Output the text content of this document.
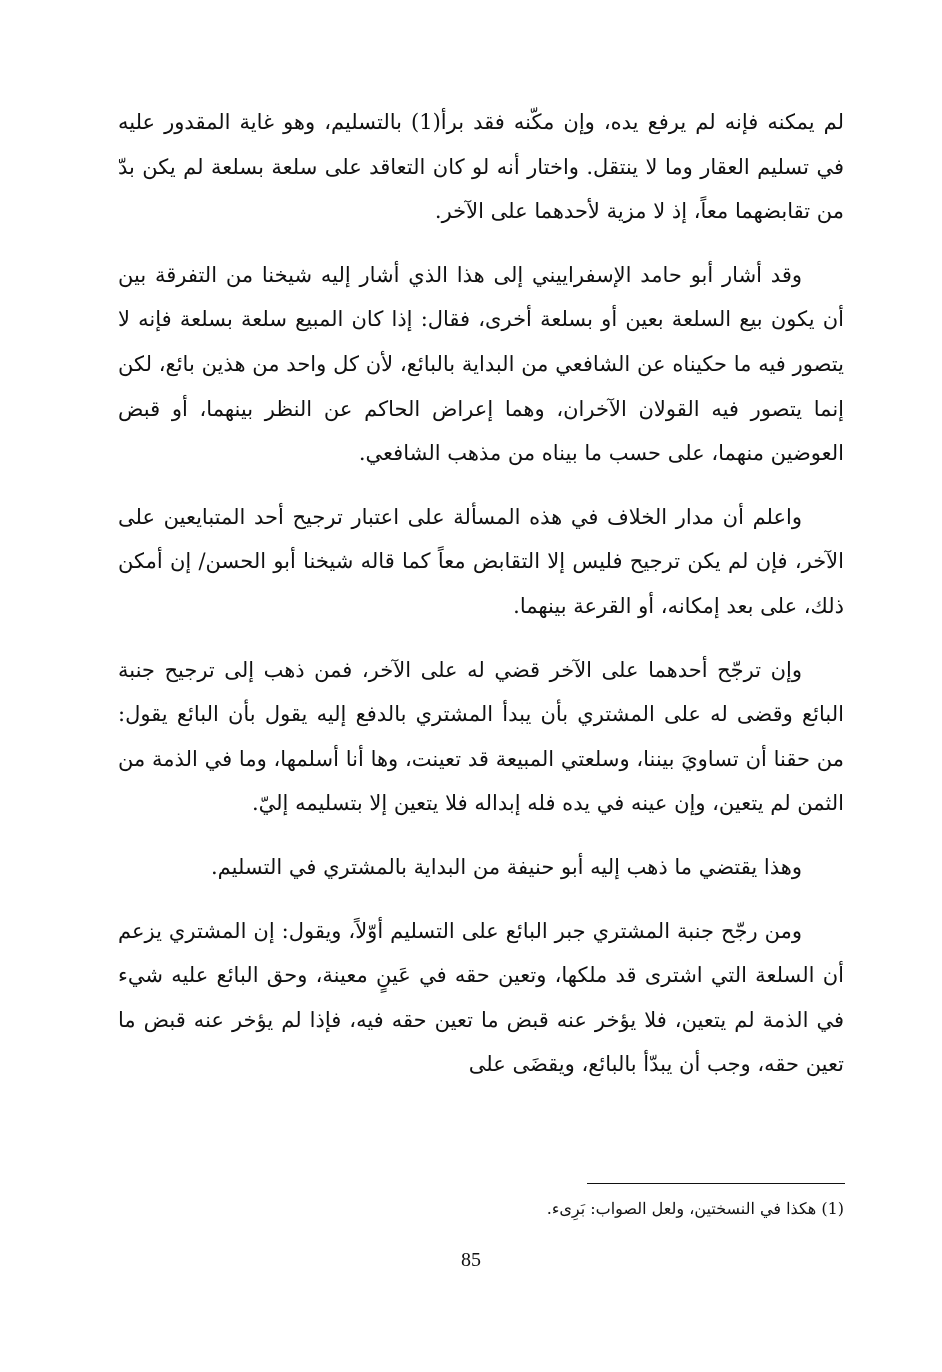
لم يمكنه فإنه لم يرفع يده، وإن مكّنه فقد برأ(1) بالتسليم، وهو غاية المقدور عليه في تسليم العقار وما لا ينتقل. واختار أنه لو كان التعاقد على سلعة بسلعة لم يكن بدّ من تقابضهما معاً، إذ لا مزية لأحدهما على الآخر.

وقد أشار أبو حامد الإسفراييني إلى هذا الذي أشار إليه شيخنا من التفرقة بين أن يكون بيع السلعة بعين أو بسلعة أخرى، فقال: إذا كان المبيع سلعة بسلعة فإنه لا يتصور فيه ما حكيناه عن الشافعي من البداية بالبائع، لأن كل واحد من هذين بائع، لكن إنما يتصور فيه القولان الآخران، وهما إعراض الحاكم عن النظر بينهما، أو قبض العوضين منهما، على حسب ما بيناه من مذهب الشافعي.

واعلم أن مدار الخلاف في هذه المسألة على اعتبار ترجيح أحد المتبايعين على الآخر، فإن لم يكن ترجيح فليس إلا التقابض معاً كما قاله شيخنا أبو الحسن/ إن أمكن ذلك، على بعد إمكانه، أو القرعة بينهما.

وإن ترجّح أحدهما على الآخر قضي له على الآخر، فمن ذهب إلى ترجيح جنبة البائع وقضى له على المشتري بأن يبدأ المشتري بالدفع إليه يقول بأن البائع يقول: من حقنا أن تساويَ بيننا، وسلعتي المبيعة قد تعينت، وها أنا أسلمها، وما في الذمة من الثمن لم يتعين، وإن عينه في يده فله إبداله فلا يتعين إلا بتسليمه إليّ.

وهذا يقتضي ما ذهب إليه أبو حنيفة من البداية بالمشتري في التسليم.

ومن رجّح جنبة المشتري جبر البائع على التسليم أوّلاً، ويقول: إن المشتري يزعم أن السلعة التي اشترى قد ملكها، وتعين حقه في عَينٍ معينة، وحق البائع عليه شيء في الذمة لم يتعين، فلا يؤخر عنه قبض ما تعين حقه فيه، فإذا لم يؤخر عنه قبض ما تعين حقه، وجب أن يبدّأ بالبائع، ويقضَى على

(1) هكذا في النسختين، ولعل الصواب: بَرِىء.
85
